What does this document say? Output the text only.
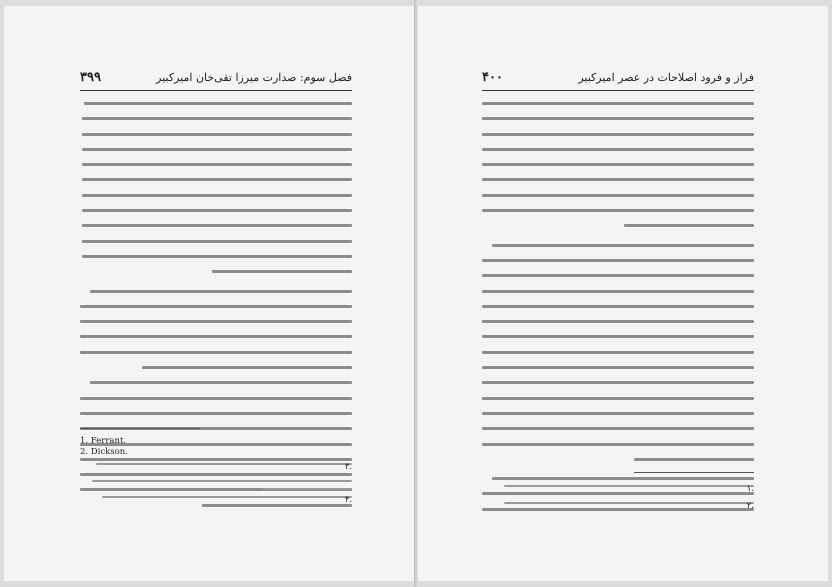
فصل سوم: صدارت میرزا تقی‌خان امیرکبیر
۳۹۹
1. Ferrant.
2. Dickson.
۳.
۴.
فراز و فرود اصلاحات در عصر امیرکبیر
۴۰۰
۱.
۲.
